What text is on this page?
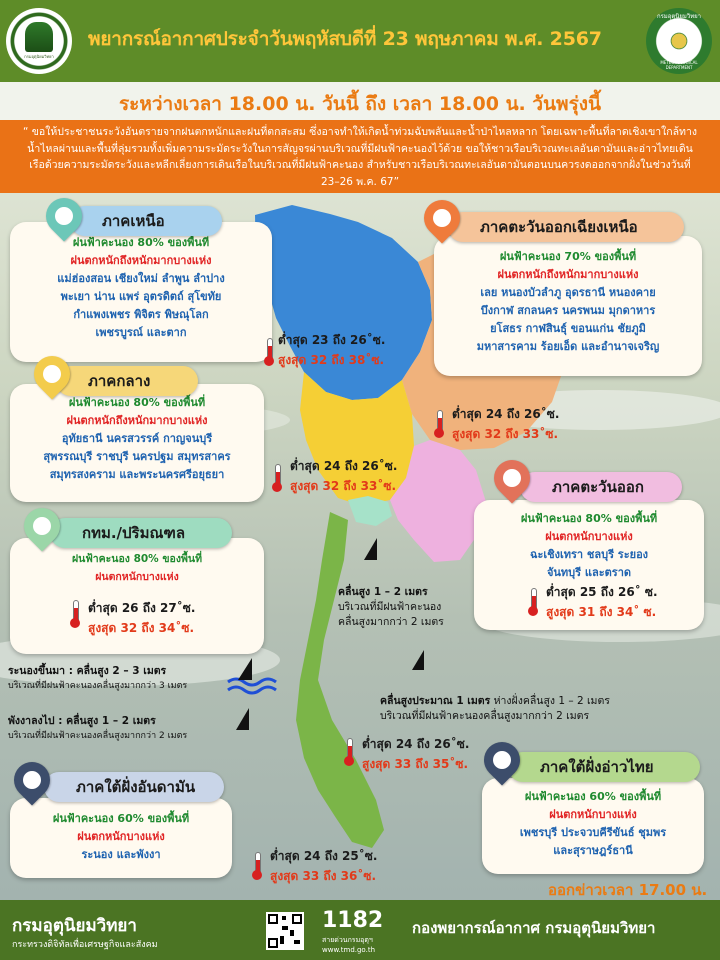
กรมอุตุนิยมวิทยา
พยากรณ์อากาศประจำวันพฤหัสบดีที่ 23 พฤษภาคม พ.ศ. 2567
กรมอุตุนิยมวิทยา
METEOROLOGICAL DEPARTMENT
ระหว่างเวลา 18.00 น. วันนี้ ถึง เวลา 18.00 น. วันพรุ่งนี้
“ ขอให้ประชาชนระวังอันตรายจากฝนตกหนักและฝนที่ตกสะสม ซึ่งอาจทำให้เกิดน้ำท่วมฉับพลันและน้ำป่าไหลหลาก โดยเฉพาะพื้นที่ลาดเชิงเขาใกล้ทางน้ำไหลผ่านและพื้นที่ลุ่มรวมทั้งเพิ่มความระมัดระวังในการสัญจรผ่านบริเวณที่มีฝนฟ้าคะนองไว้ด้วย ขอให้ชาวเรือบริเวณทะเลอันดามันและอ่าวไทยเดินเรือด้วยความระมัดระวังและหลีกเลี่ยงการเดินเรือในบริเวณที่มีฝนฟ้าคะนอง สำหรับชาวเรือบริเวณทะเลอันดามันตอนบนควรงดออกจากฝั่งในช่วงวันที่ 23–26 พ.ค. 67”
ฝนฟ้าคะนอง 80% ของพื้นที่
ฝนตกหนักถึงหนักมากบางแห่ง
แม่ฮ่องสอน เชียงใหม่ ลำพูน ลำปาง
พะเยา น่าน แพร่ อุตรดิตถ์ สุโขทัย
กำแพงเพชร พิจิตร พิษณุโลก
เพชรบูรณ์ และตาก
ภาคเหนือ
ต่ำสุด 23 ถึง 26˚ซ.
สูงสุด 32 ถึง 38˚ซ.
ฝนฟ้าคะนอง 70% ของพื้นที่
ฝนตกหนักถึงหนักมากบางแห่ง
เลย หนองบัวลำภู อุดรธานี หนองคาย
บึงกาฬ สกลนคร นครพนม มุกดาหาร
ยโสธร กาฬสินธุ์ ขอนแก่น ชัยภูมิ
มหาสารคาม ร้อยเอ็ด และอำนาจเจริญ
ภาคตะวันออกเฉียงเหนือ
ต่ำสุด 24 ถึง 26˚ซ.
สูงสุด 32 ถึง 33˚ซ.
ฝนฟ้าคะนอง 80% ของพื้นที่
ฝนตกหนักถึงหนักมากบางแห่ง
อุทัยธานี นครสวรรค์ กาญจนบุรี
สุพรรณบุรี ราชบุรี นครปฐม สมุทรสาคร
สมุทรสงคราม และพระนครศรีอยุธยา
ภาคกลาง
ต่ำสุด 24 ถึง 26˚ซ.
สูงสุด 32 ถึง 33˚ซ.
ฝนฟ้าคะนอง 80% ของพื้นที่
ฝนตกหนักบางแห่ง
ฉะเชิงเทรา ชลบุรี ระยอง
จันทบุรี และตราด
ภาคตะวันออก
ต่ำสุด 25 ถึง 26˚ ซ.
สูงสุด 31 ถึง 34˚ ซ.
ฝนฟ้าคะนอง 80% ของพื้นที่
ฝนตกหนักบางแห่ง
กทม./ปริมณฑล
ต่ำสุด 26 ถึง 27˚ซ.
สูงสุด 32 ถึง 34˚ซ.
คลื่นสูง 1 – 2 เมตร
บริเวณที่มีฝนฟ้าคะนอง
คลื่นสูงมากกว่า 2 เมตร
ระนองขึ้นมา : คลื่นสูง 2 – 3 เมตร
บริเวณที่มีฝนฟ้าคะนองคลื่นสูงมากกว่า 3 เมตร
พังงาลงไป : คลื่นสูง 1 – 2 เมตร
บริเวณที่มีฝนฟ้าคะนองคลื่นสูงมากกว่า 2 เมตร
คลื่นสูงประมาณ 1 เมตร ห่างฝั่งคลื่นสูง 1 – 2 เมตร
บริเวณที่มีฝนฟ้าคะนองคลื่นสูงมากกว่า 2 เมตร
ต่ำสุด 24 ถึง 26˚ซ.
สูงสุด 33 ถึง 35˚ซ.
ฝนฟ้าคะนอง 60% ของพื้นที่
ฝนตกหนักบางแห่ง
ระนอง และพังงา
ภาคใต้ฝั่งอันดามัน
ต่ำสุด 24 ถึง 25˚ซ.
สูงสุด 33 ถึง 36˚ซ.
ฝนฟ้าคะนอง 60% ของพื้นที่
ฝนตกหนักบางแห่ง
เพชรบุรี ประจวบคีรีขันธ์ ชุมพร
และสุราษฎร์ธานี
ภาคใต้ฝั่งอ่าวไทย
ออกข่าวเวลา 17.00 น.
กรมอุตุนิยมวิทยา
กระทรวงดิจิทัลเพื่อเศรษฐกิจและสังคม
1182
สายด่วนกรมอุตุฯ
www.tmd.go.th
กองพยากรณ์อากาศ กรมอุตุนิยมวิทยา
